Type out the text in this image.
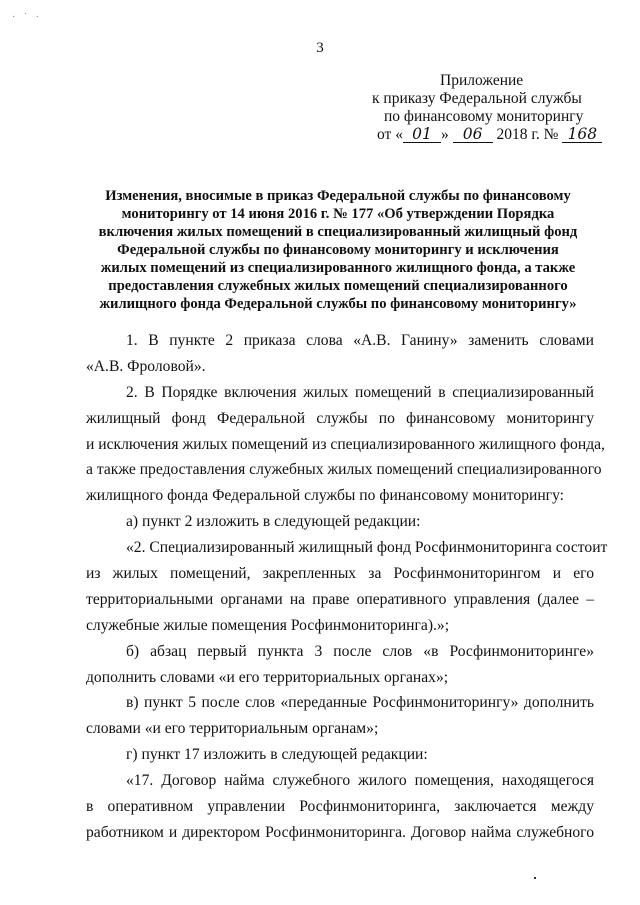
· ˙ ·
3
Приложение
к приказу Федеральной службы
по финансовому мониторингу
от « 01 » 06 2018 г. № 168
Изменения, вносимые в приказ Федеральной службы по финансовому
мониторингу от 14 июня 2016 г. № 177 «Об утверждении Порядка
включения жилых помещений в специализированный жилищный фонд
Федеральной службы по финансовому мониторингу и исключения
жилых помещений из специализированного жилищного фонда, а также
предоставления служебных жилых помещений специализированного
жилищного фонда Федеральной службы по финансовому мониторингу»
1. В пункте 2 приказа слова «А.В. Ганину» заменить словами
«А.В. Фроловой».
2. В Порядке включения жилых помещений в специализированный
жилищный фонд Федеральной службы по финансовому мониторингу
и исключения жилых помещений из специализированного жилищного фонда,
а также предоставления служебных жилых помещений специализированного
жилищного фонда Федеральной службы по финансовому мониторингу:
а) пункт 2 изложить в следующей редакции:
«2. Специализированный жилищный фонд Росфинмониторинга состоит
из жилых помещений, закрепленных за Росфинмониторингом и его
территориальными органами на праве оперативного управления (далее –
служебные жилые помещения Росфинмониторинга).»;
б) абзац первый пункта 3 после слов «в Росфинмониторинге»
дополнить словами «и его территориальных органах»;
в) пункт 5 после слов «переданные Росфинмониторингу» дополнить
словами «и его территориальным органам»;
г) пункт 17 изложить в следующей редакции:
«17. Договор найма служебного жилого помещения, находящегося
в оперативном управлении Росфинмониторинга, заключается между
работником и директором Росфинмониторинга. Договор найма служебного
